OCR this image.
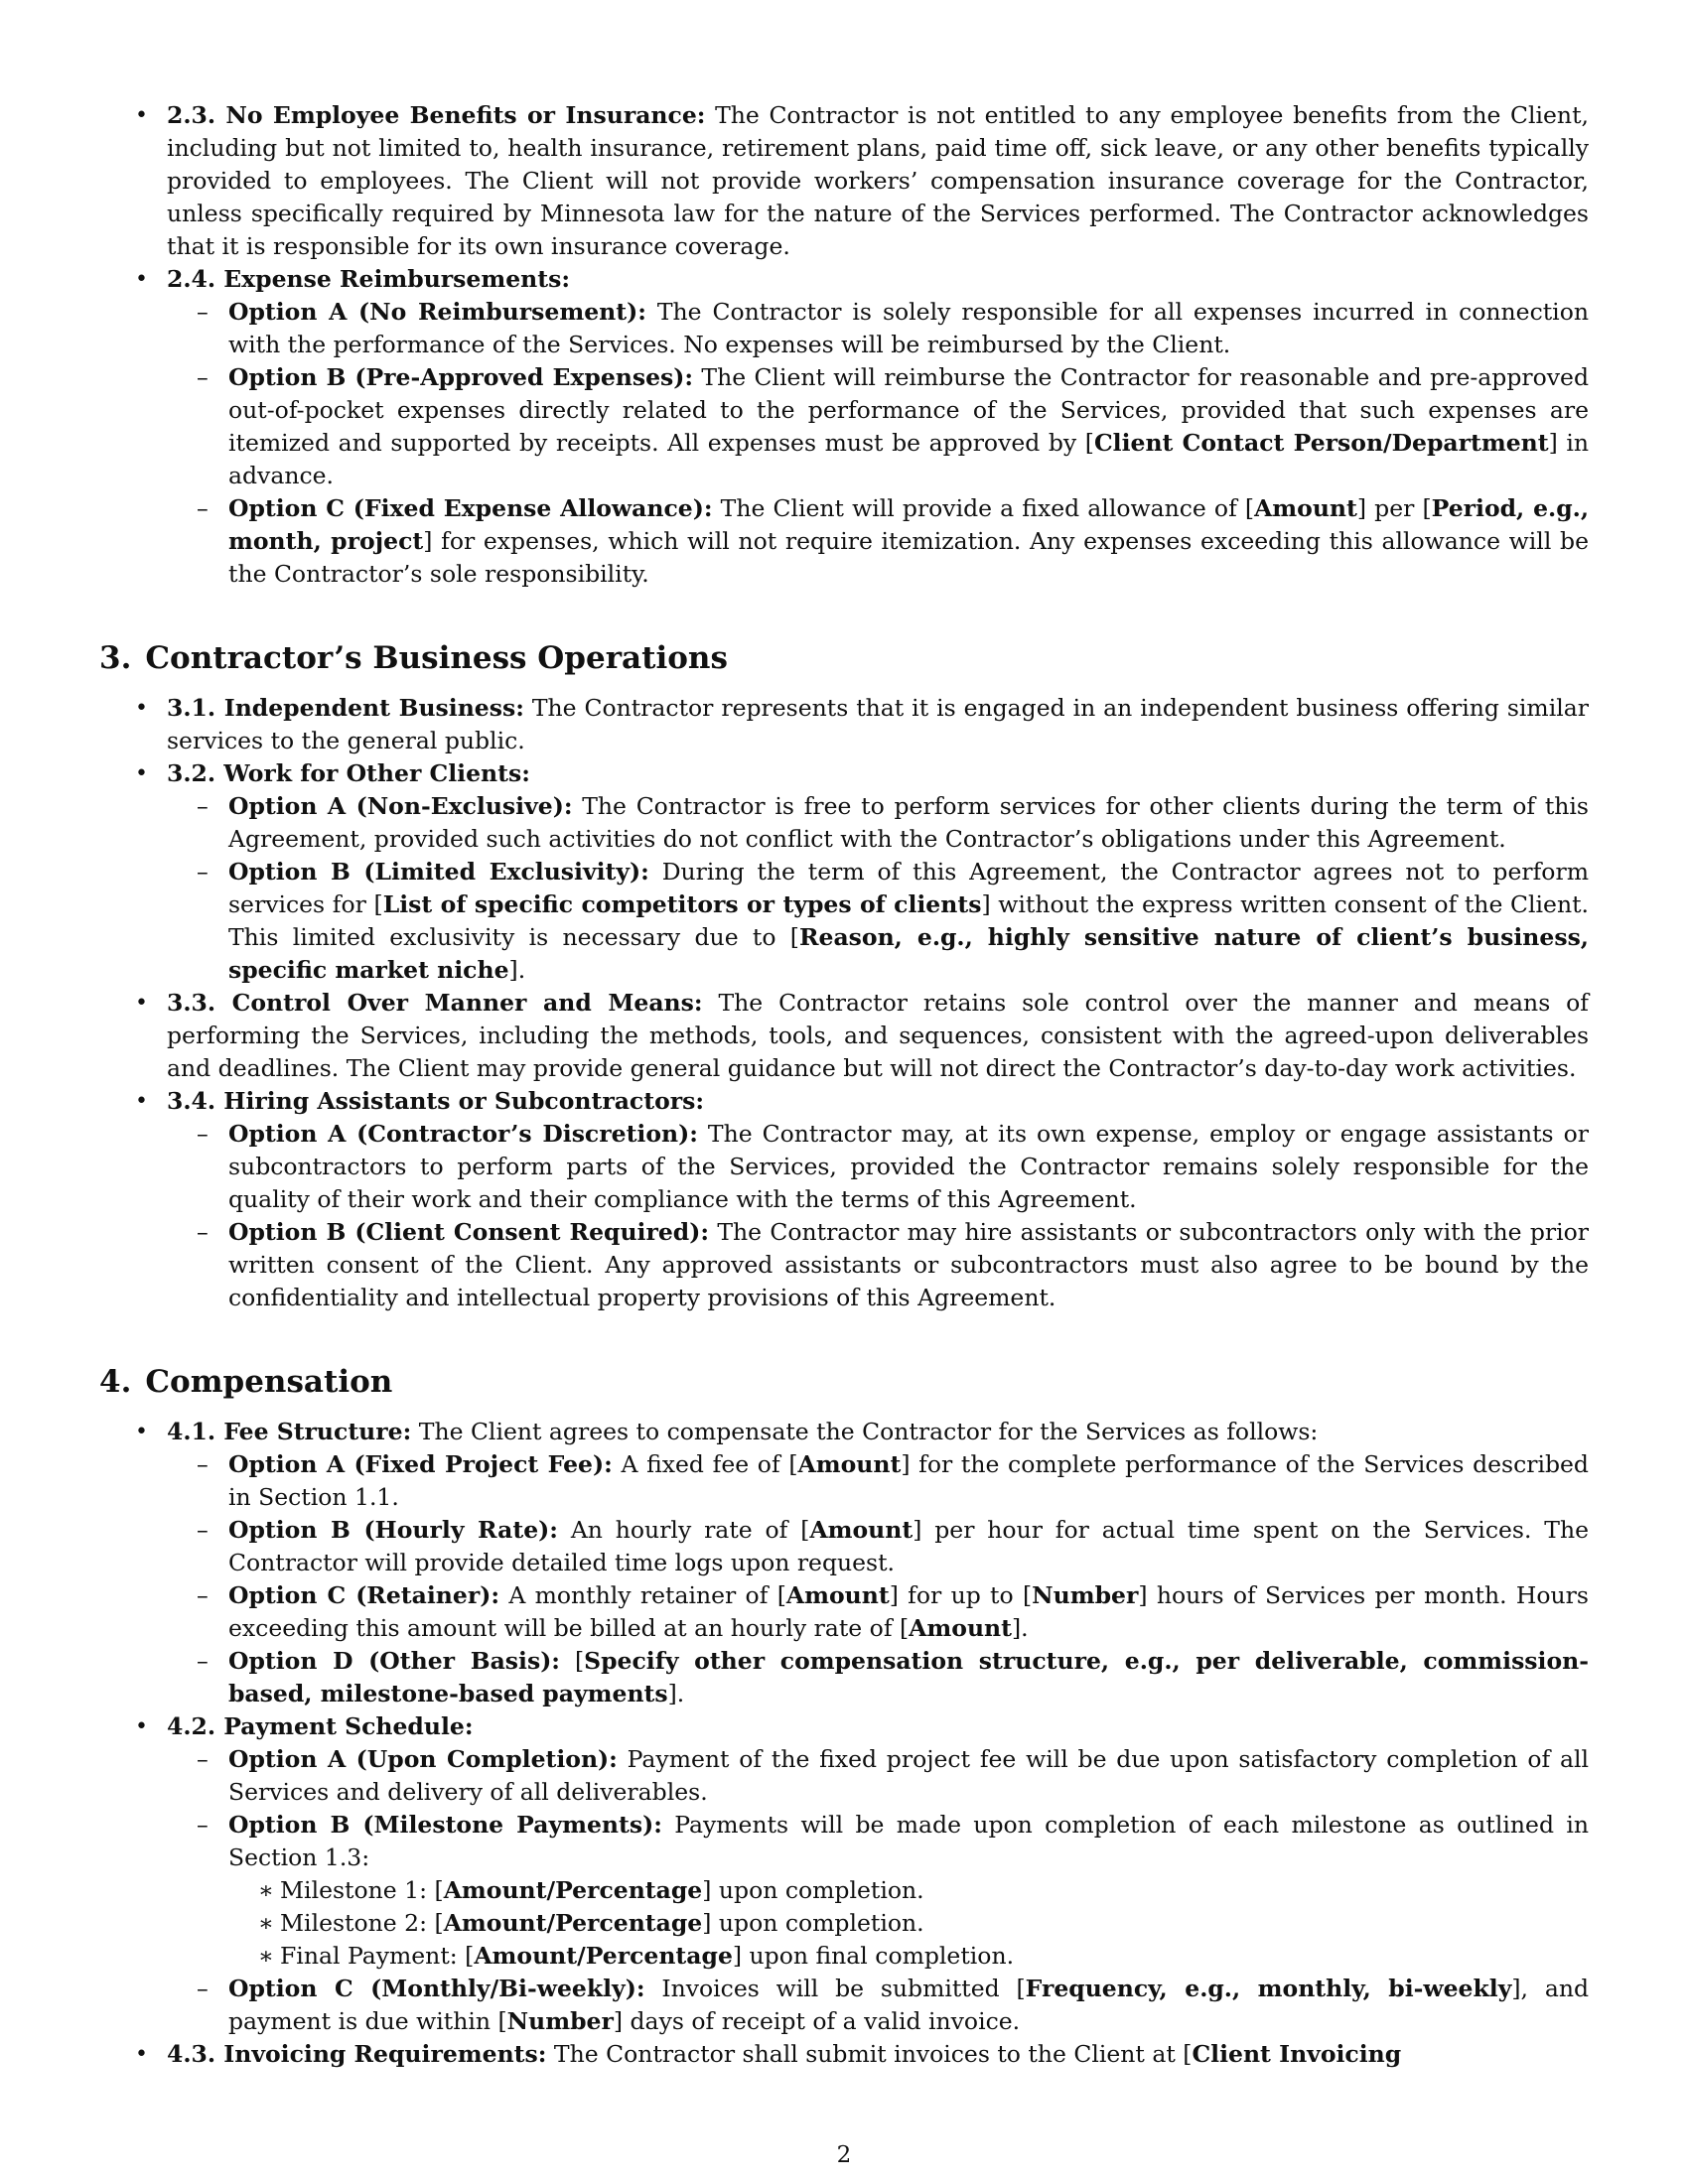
• 2.3. No Employee Benefits or Insurance: The Contractor is not entitled to any employee benefits from the Client, including but not limited to, health insurance, retirement plans, paid time off, sick leave, or any other benefits typically provided to employees. The Client will not provide workers’ compensation insurance coverage for the Contractor, unless specifically required by Minnesota law for the nature of the Services performed. The Contractor acknowledges that it is responsible for its own insurance coverage.
• 2.4. Expense Reimbursements:
– Option A (No Reimbursement): The Contractor is solely responsible for all expenses incurred in connection with the performance of the Services. No expenses will be reimbursed by the Client.
– Option B (Pre-Approved Expenses): The Client will reimburse the Contractor for reasonable and pre-approved out-of-pocket expenses directly related to the performance of the Services, provided that such expenses are itemized and supported by receipts. All expenses must be approved by [Client Contact Person/Department] in advance.
– Option C (Fixed Expense Allowance): The Client will provide a fixed allowance of [Amount] per [Period, e.g., month, project] for expenses, which will not require itemization. Any expenses exceeding this allowance will be the Contractor’s sole responsibility.
3. Contractor’s Business Operations
• 3.1. Independent Business: The Contractor represents that it is engaged in an independent business offering similar services to the general public.
• 3.2. Work for Other Clients:
– Option A (Non-Exclusive): The Contractor is free to perform services for other clients during the term of this Agreement, provided such activities do not conflict with the Contractor’s obligations under this Agreement.
– Option B (Limited Exclusivity): During the term of this Agreement, the Contractor agrees not to perform services for [List of specific competitors or types of clients] without the express written consent of the Client. This limited exclusivity is necessary due to [Reason, e.g., highly sensitive nature of client’s business, specific market niche].
• 3.3. Control Over Manner and Means: The Contractor retains sole control over the manner and means of performing the Services, including the methods, tools, and sequences, consistent with the agreed-upon deliverables and deadlines. The Client may provide general guidance but will not direct the Contractor’s day-to-day work activities.
• 3.4. Hiring Assistants or Subcontractors:
– Option A (Contractor’s Discretion): The Contractor may, at its own expense, employ or engage assistants or subcontractors to perform parts of the Services, provided the Contractor remains solely responsible for the quality of their work and their compliance with the terms of this Agreement.
– Option B (Client Consent Required): The Contractor may hire assistants or subcontractors only with the prior written consent of the Client. Any approved assistants or subcontractors must also agree to be bound by the confidentiality and intellectual property provisions of this Agreement.
4. Compensation
• 4.1. Fee Structure: The Client agrees to compensate the Contractor for the Services as follows:
– Option A (Fixed Project Fee): A fixed fee of [Amount] for the complete performance of the Services described in Section 1.1.
– Option B (Hourly Rate): An hourly rate of [Amount] per hour for actual time spent on the Services. The Contractor will provide detailed time logs upon request.
– Option C (Retainer): A monthly retainer of [Amount] for up to [Number] hours of Services per month. Hours exceeding this amount will be billed at an hourly rate of [Amount].
– Option D (Other Basis): [Specify other compensation structure, e.g., per deliverable, commission-based, milestone-based payments].
• 4.2. Payment Schedule:
– Option A (Upon Completion): Payment of the fixed project fee will be due upon satisfactory completion of all Services and delivery of all deliverables.
– Option B (Milestone Payments): Payments will be made upon completion of each milestone as outlined in Section 1.3:
∗ Milestone 1: [Amount/Percentage] upon completion.
∗ Milestone 2: [Amount/Percentage] upon completion.
∗ Final Payment: [Amount/Percentage] upon final completion.
– Option C (Monthly/Bi-weekly): Invoices will be submitted [Frequency, e.g., monthly, bi-weekly], and payment is due within [Number] days of receipt of a valid invoice.
• 4.3. Invoicing Requirements: The Contractor shall submit invoices to the Client at [Client Invoicing
2
